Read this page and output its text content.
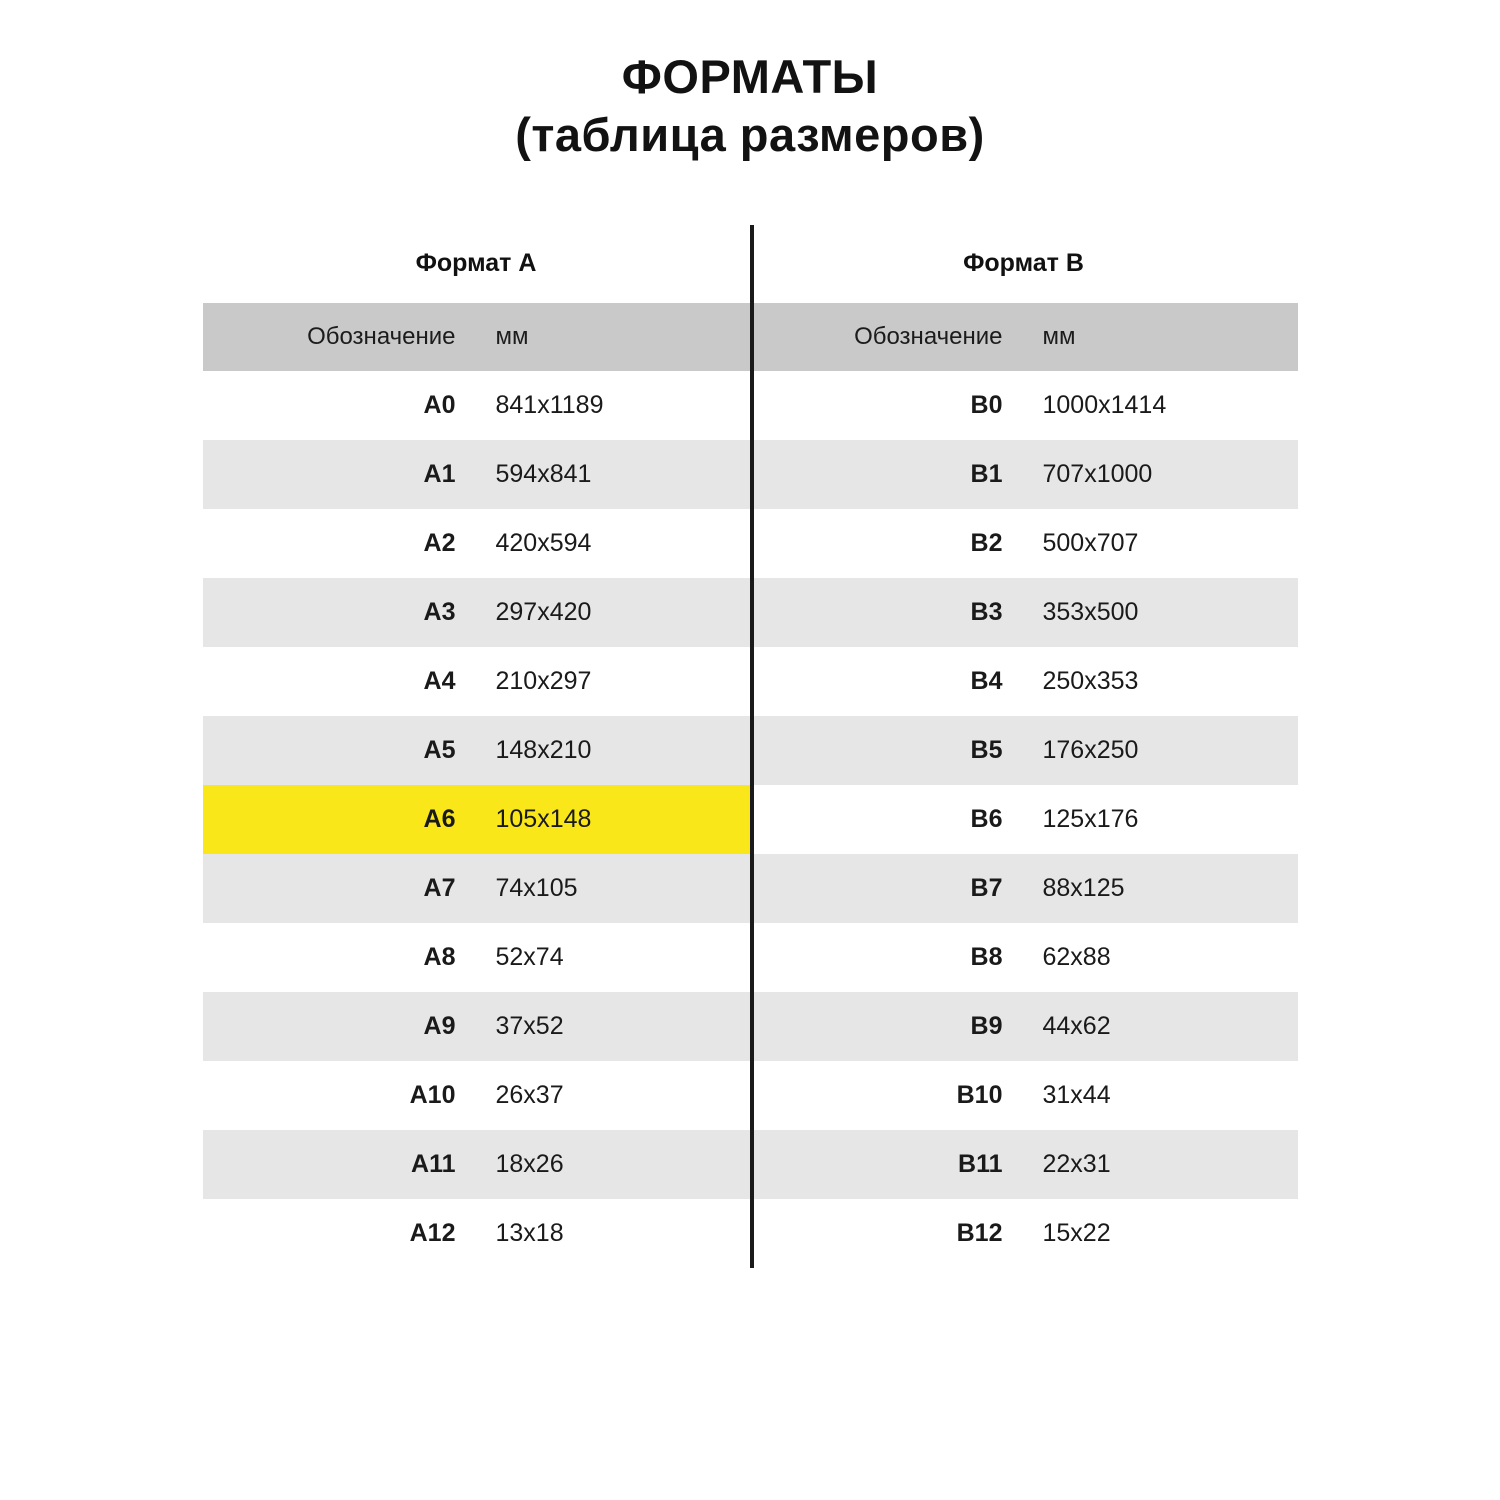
ФОРМАТЫ
(таблица размеров)
Формат А	Формат B
Обозначение	мм	Обозначение	мм
A0	841x1189	B0	1000x1414
A1	594x841	B1	707x1000
A2	420x594	B2	500x707
A3	297x420	B3	353x500
A4	210x297	B4	250x353
A5	148x210	B5	176x250
A6	105x148	B6	125x176
A7	74x105	B7	88x125
A8	52x74	B8	62x88
A9	37x52	B9	44x62
A10	26x37	B10	31x44
A11	18x26	B11	22x31
A12	13x18	B12	15x22
